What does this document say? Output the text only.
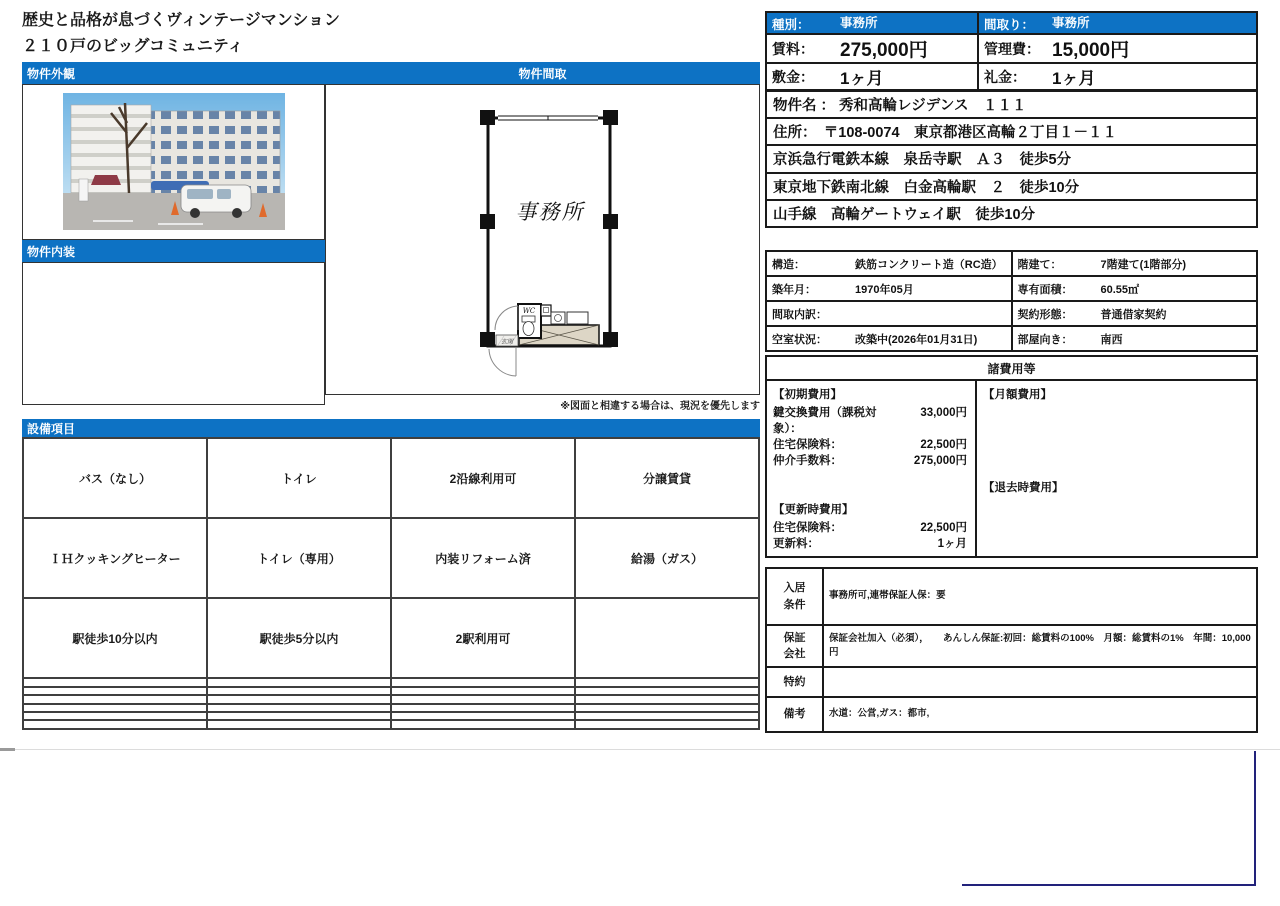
歴史と品格が息づくヴィンテージマンション
２１０戸のビッグコミュニティ
物件外観
物件内装
物件間取
事務所
WC
玄関
※図面と相違する場合は、現況を優先します
設備項目
バス（なし）	トイレ	2沿線利用可	分譲賃貸
ＩＨクッキングヒーター	トイレ（専用）	内装リフォーム済	給湯（ガス）
駅徒歩10分以内	駅徒歩5分以内	2駅利用可	

種別： 事務所	間取り： 事務所
賃料： 275,000円	管理費： 15,000円
敷金： 1ヶ月	礼金： 1ヶ月
物件名 ： 秀和高輪レジデンス　１１１
住所：　〒108-0074　東京都港区高輪２丁目１－１１
京浜急行電鉄本線　泉岳寺駅　Ａ３　徒歩5分
東京地下鉄南北線　白金高輪駅　２　徒歩10分
山手線　高輪ゲートウェイ駅　徒歩10分
構造： 鉄筋コンクリート造（RC造）	階建て： 7階建て(1階部分)

築年月： 1970年05月	専有面積： 60.55㎡

間取内訳：	契約形態： 普通借家契約

空室状況： 改築中(2026年01月31日)	部屋向き： 南西
諸費用等
【初期費用】
鍵交換費用（課税対象）：
33,000円
住宅保険料：	22,500円
仲介手数料：	275,000円
【更新時費用】
住宅保険料：	22,500円
更新料：	1ヶ月
【月額費用】
【退去時費用】
入居条件	事務所可,連帯保証人保：要
保証会社	保証会社加入（必須），　　あんしん保証:初回：総賃料の100%　月額：総賃料の1%　年間：10,000円
特約	
備考	水道：公営,ガス：都市,
